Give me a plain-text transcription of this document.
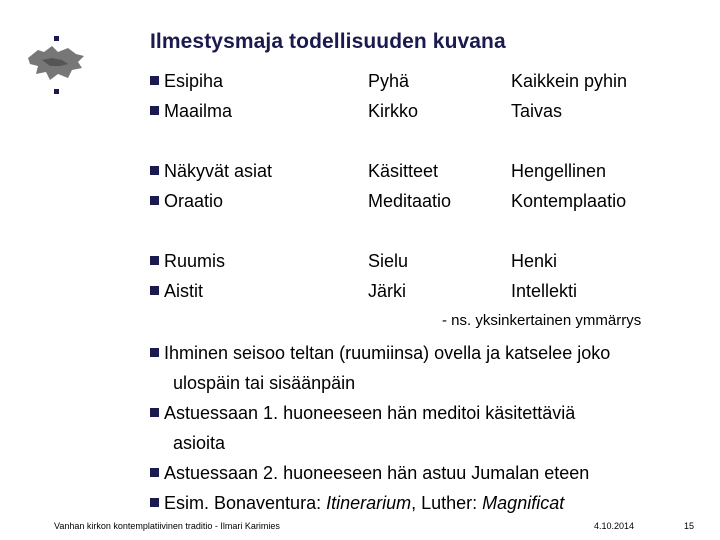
Ilmestysmaja todellisuuden kuvana
Esipiha	Pyhä	Kaikkein pyhin
Maailma	Kirkko	Taivas
Näkyvät asiat	Käsitteet	Hengellinen
Oraatio	Meditaatio	Kontemplaatio
Ruumis	Sielu	Henki
Aistit	Järki	Intellekti
- ns. yksinkertainen ymmärrys
Ihminen seisoo teltan (ruumiinsa) ovella ja katselee joko
ulospäin tai sisäänpäin
Astuessaan 1. huoneeseen hän meditoi käsitettäviä
asioita
Astuessaan 2. huoneeseen hän astuu Jumalan eteen
Esim. Bonaventura: Itinerarium, Luther: Magnificat
Vanhan kirkon kontemplatiivinen traditio - Ilmari Karimies	4.10.2014	15
